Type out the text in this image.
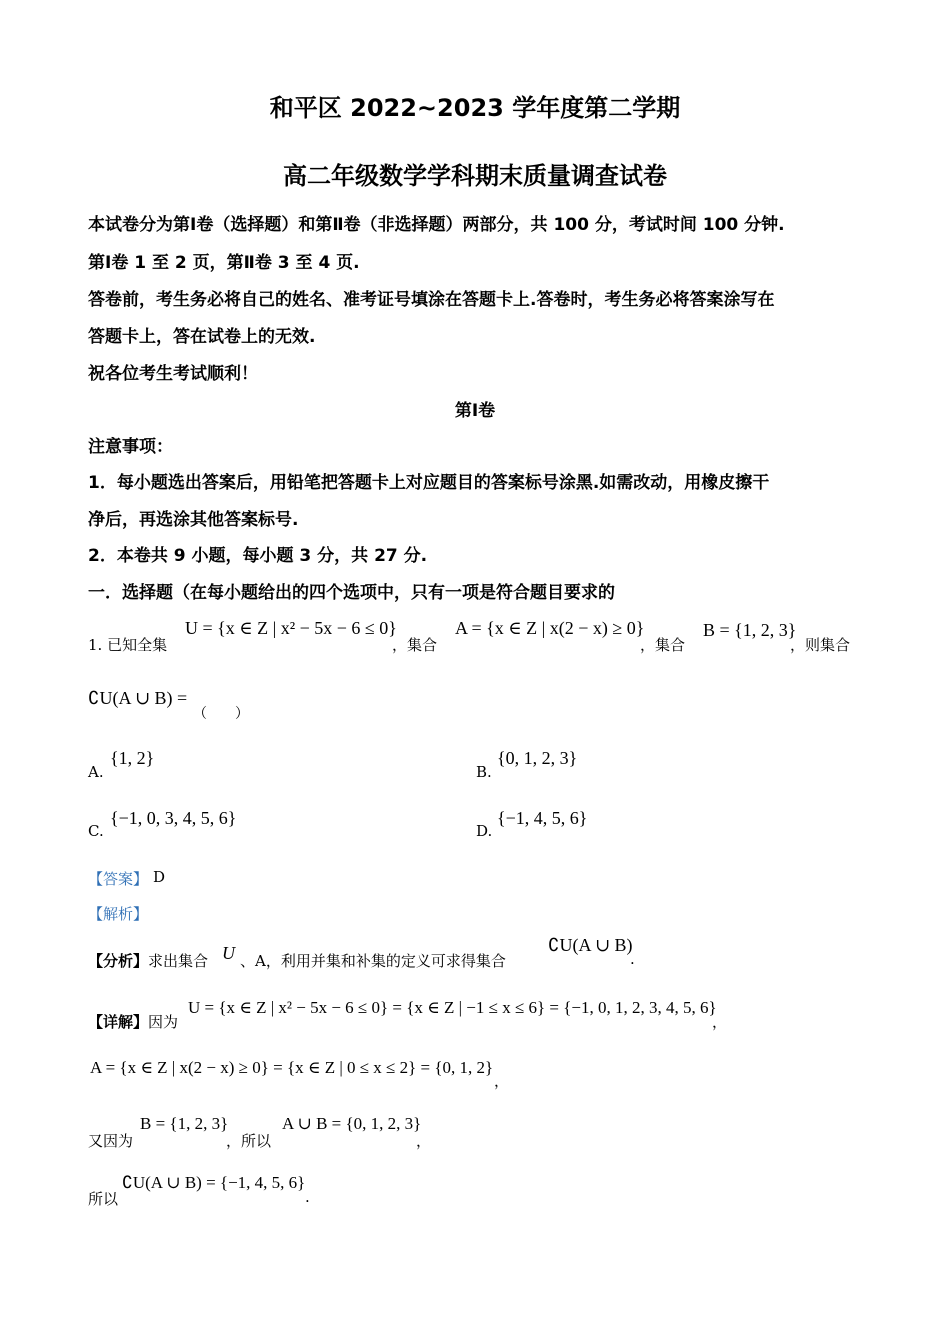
和平区 2022~2023 学年度第二学期
高二年级数学学科期末质量调查试卷
本试卷分为第Ⅰ卷（选择题）和第Ⅱ卷（非选择题）两部分，共 100 分，考试时间 100 分钟.
第Ⅰ卷 1 至 2 页，第Ⅱ卷 3 至 4 页.
答卷前，考生务必将自己的姓名、准考证号填涂在答题卡上.答卷时，考生务必将答案涂写在
答题卡上，答在试卷上的无效.
祝各位考生考试顺利！
第Ⅰ卷
注意事项：
1．每小题选出答案后，用铅笔把答题卡上对应题目的答案标号涂黑.如需改动，用橡皮擦干
净后，再选涂其他答案标号.
2．本卷共 9 小题，每小题 3 分，共 27 分.
一．选择题（在每小题给出的四个选项中，只有一项是符合题目要求的
1. 已知全集
U = {x ∈ Z | x² − 5x − 6 ≤ 0}
，集合
A = {x ∈ Z | x(2 − x) ≥ 0}
，集合
B = {1, 2, 3}
，则集合
∁U(A ∪ B) =
（　　）
A.
{1, 2}
B.
{0, 1, 2, 3}
C.
{−1, 0, 3, 4, 5, 6}
D.
{−1, 4, 5, 6}
【答案】 D
【解析】
【分析】求出集合 U 、A，利用并集和补集的定义可求得集合
∁U(A ∪ B)
.
【详解】因为
U = {x ∈ Z | x² − 5x − 6 ≤ 0} = {x ∈ Z | −1 ≤ x ≤ 6} = {−1, 0, 1, 2, 3, 4, 5, 6}
，
A = {x ∈ Z | x(2 − x) ≥ 0} = {x ∈ Z | 0 ≤ x ≤ 2} = {0, 1, 2}
，
又因为
B = {1, 2, 3}
，所以
A ∪ B = {0, 1, 2, 3}
，
所以
∁U(A ∪ B) = {−1, 4, 5, 6}
.
